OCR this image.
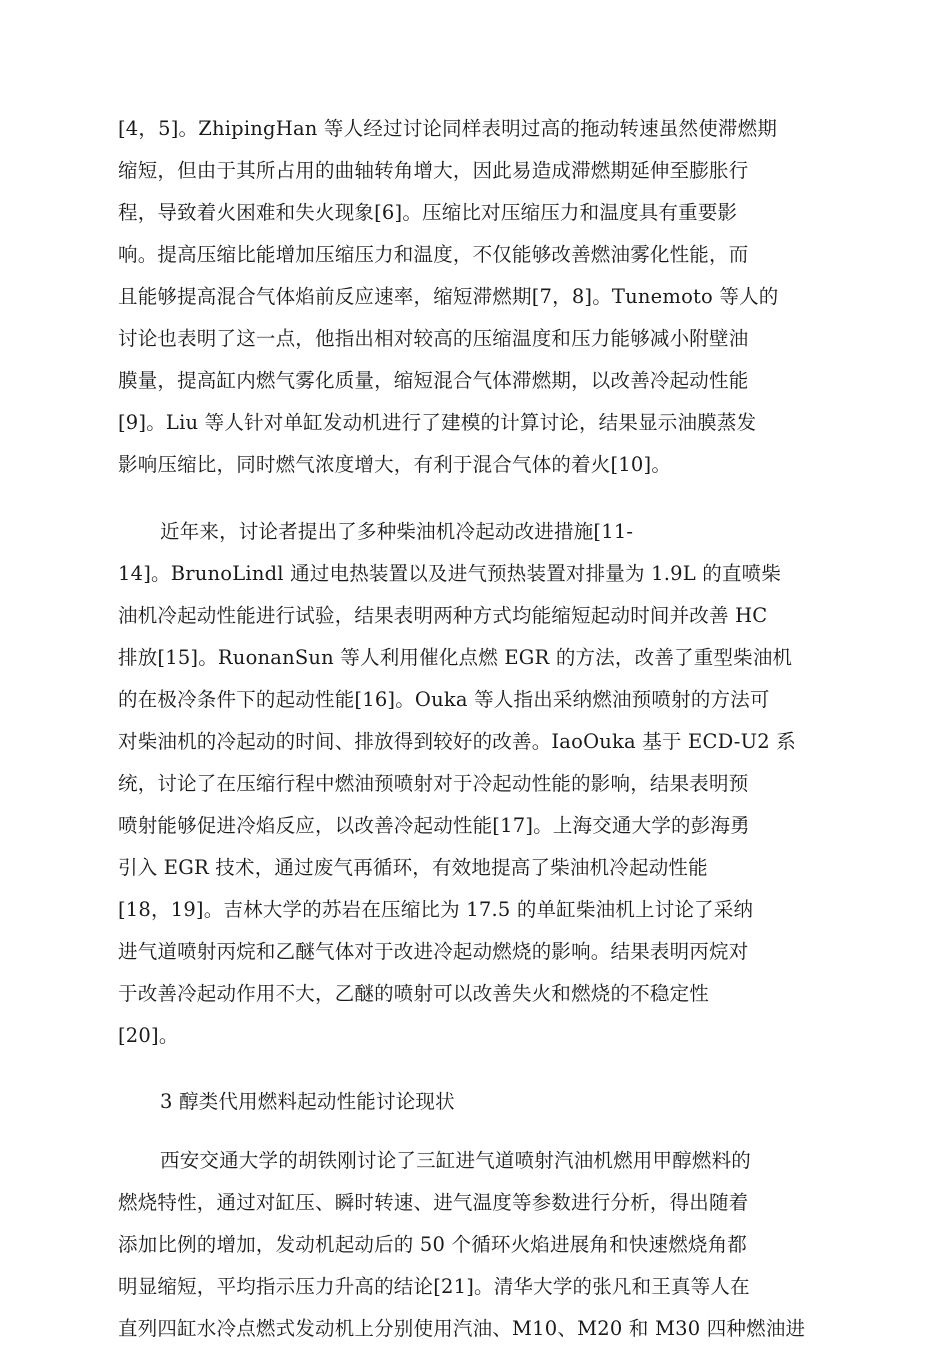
[4，5]。ZhipingHan 等人经过讨论同样表明过高的拖动转速虽然使滞燃期
缩短，但由于其所占用的曲轴转角增大，因此易造成滞燃期延伸至膨胀行
程，导致着火困难和失火现象[6]。压缩比对压缩压力和温度具有重要影
响。提高压缩比能增加压缩压力和温度，不仅能够改善燃油雾化性能，而
且能够提高混合气体焰前反应速率，缩短滞燃期[7，8]。Tunemoto 等人的
讨论也表明了这一点，他指出相对较高的压缩温度和压力能够减小附壁油
膜量，提高缸内燃气雾化质量，缩短混合气体滞燃期，以改善冷起动性能
[9]。Liu 等人针对单缸发动机进行了建模的计算讨论，结果显示油膜蒸发
影响压缩比，同时燃气浓度增大，有利于混合气体的着火[10]。
近年来，讨论者提出了多种柴油机冷起动改进措施[11-
14]。BrunoLindl 通过电热装置以及进气预热装置对排量为 1.9L 的直喷柴
油机冷起动性能进行试验，结果表明两种方式均能缩短起动时间并改善 HC
排放[15]。RuonanSun 等人利用催化点燃 EGR 的方法，改善了重型柴油机
的在极冷条件下的起动性能[16]。Ouka 等人指出采纳燃油预喷射的方法可
对柴油机的冷起动的时间、排放得到较好的改善。IaoOuka 基于 ECD-U2 系
统，讨论了在压缩行程中燃油预喷射对于冷起动性能的影响，结果表明预
喷射能够促进冷焰反应，以改善冷起动性能[17]。上海交通大学的彭海勇
引入 EGR 技术，通过废气再循环，有效地提高了柴油机冷起动性能
[18，19]。吉林大学的苏岩在压缩比为 17.5 的单缸柴油机上讨论了采纳
进气道喷射丙烷和乙醚气体对于改进冷起动燃烧的影响。结果表明丙烷对
于改善冷起动作用不大，乙醚的喷射可以改善失火和燃烧的不稳定性
[20]。
3 醇类代用燃料起动性能讨论现状
西安交通大学的胡铁刚讨论了三缸进气道喷射汽油机燃用甲醇燃料的
燃烧特性，通过对缸压、瞬时转速、进气温度等参数进行分析，得出随着
添加比例的增加，发动机起动后的 50 个循环火焰进展角和快速燃烧角都
明显缩短，平均指示压力升高的结论[21]。清华大学的张凡和王真等人在
直列四缸水冷点燃式发动机上分别使用汽油、M10、M20 和 M30 四种燃油进
